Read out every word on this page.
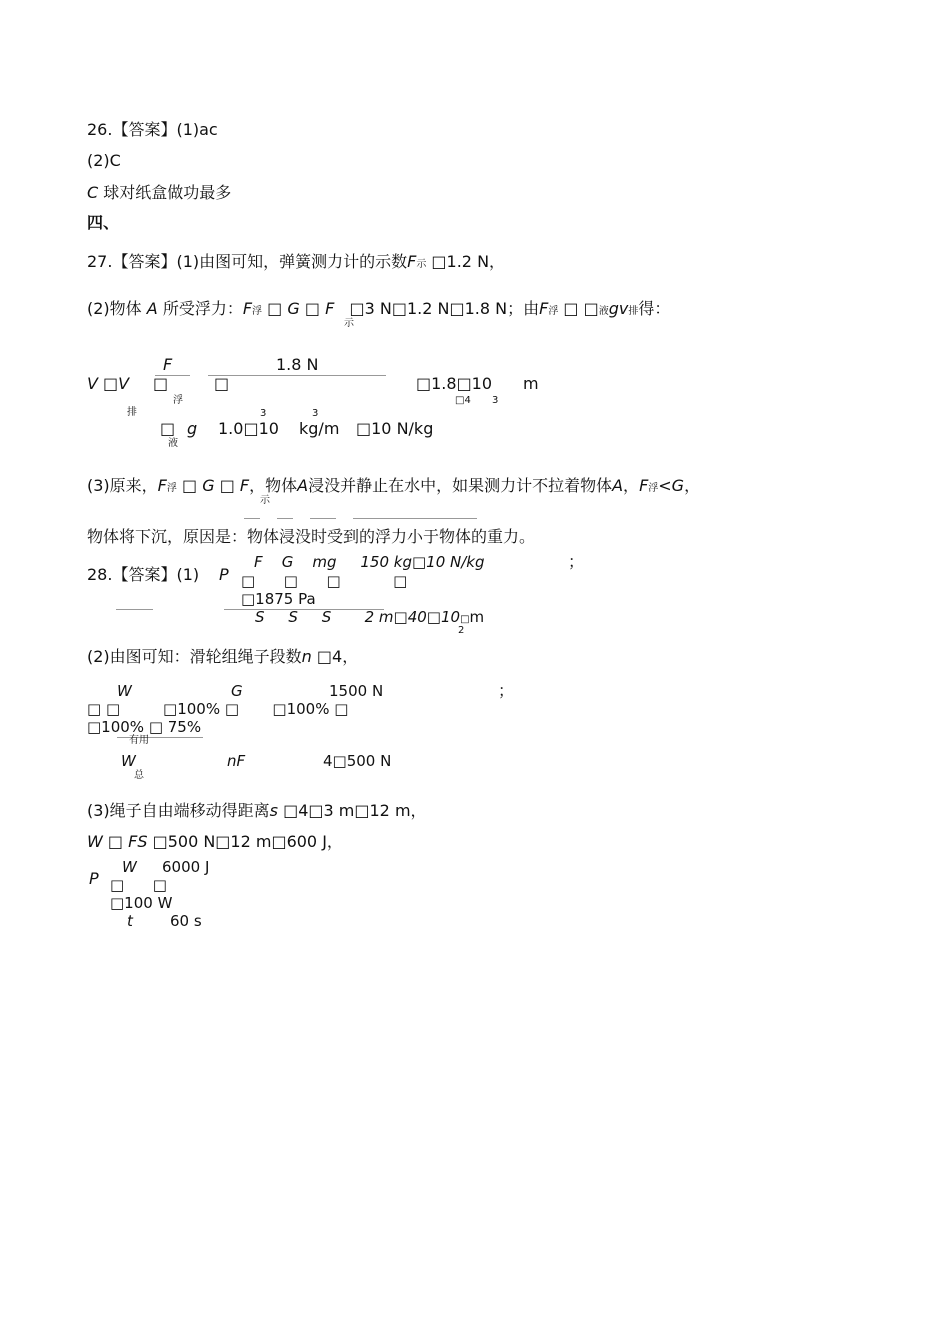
26.【答案】(1)ac
(2)C
C 球对纸盒做功最多
四、
27.【答案】(1)由图可知，弹簧测力计的示数F示 □1.2 N，
(2)物体 A 所受浮力：F浮 □ G □ F □3 N□1.2 N□1.8 N；由F浮 □ □液gv排得：
示
F	1.8 N
V □V □	□	□1.8□10 m
浮	□4 3
排	3	3
□ g 1.0□10 kg/m □10 N/kg
液
(3)原来，F浮 □ G □ F，物体A浸没并静止在水中，如果测力计不拉着物体A，F浮<G，
示
物体将下沉，原因是：物体浸没时受到的浮力小于物体的重力。
F    G    mg     150 kg□10 N/kg	；
28.【答案】(1) P □      □      □           □
□1875 Pa
S     S     S       2 m□40□10□m
2
(2)由图可知：滑轮组绳子段数n □4，
W	G	1500 N	；
□ □         □100% □       □100% □
□100% □ 75%
有用
W	nF	4□500 N
总
(3)绳子自由端移动得距离s □4□3 m□12 m，
W □ FS □500 N□12 m□600 J，
W 6000 J
P □      □
□100 W
t 60 s
